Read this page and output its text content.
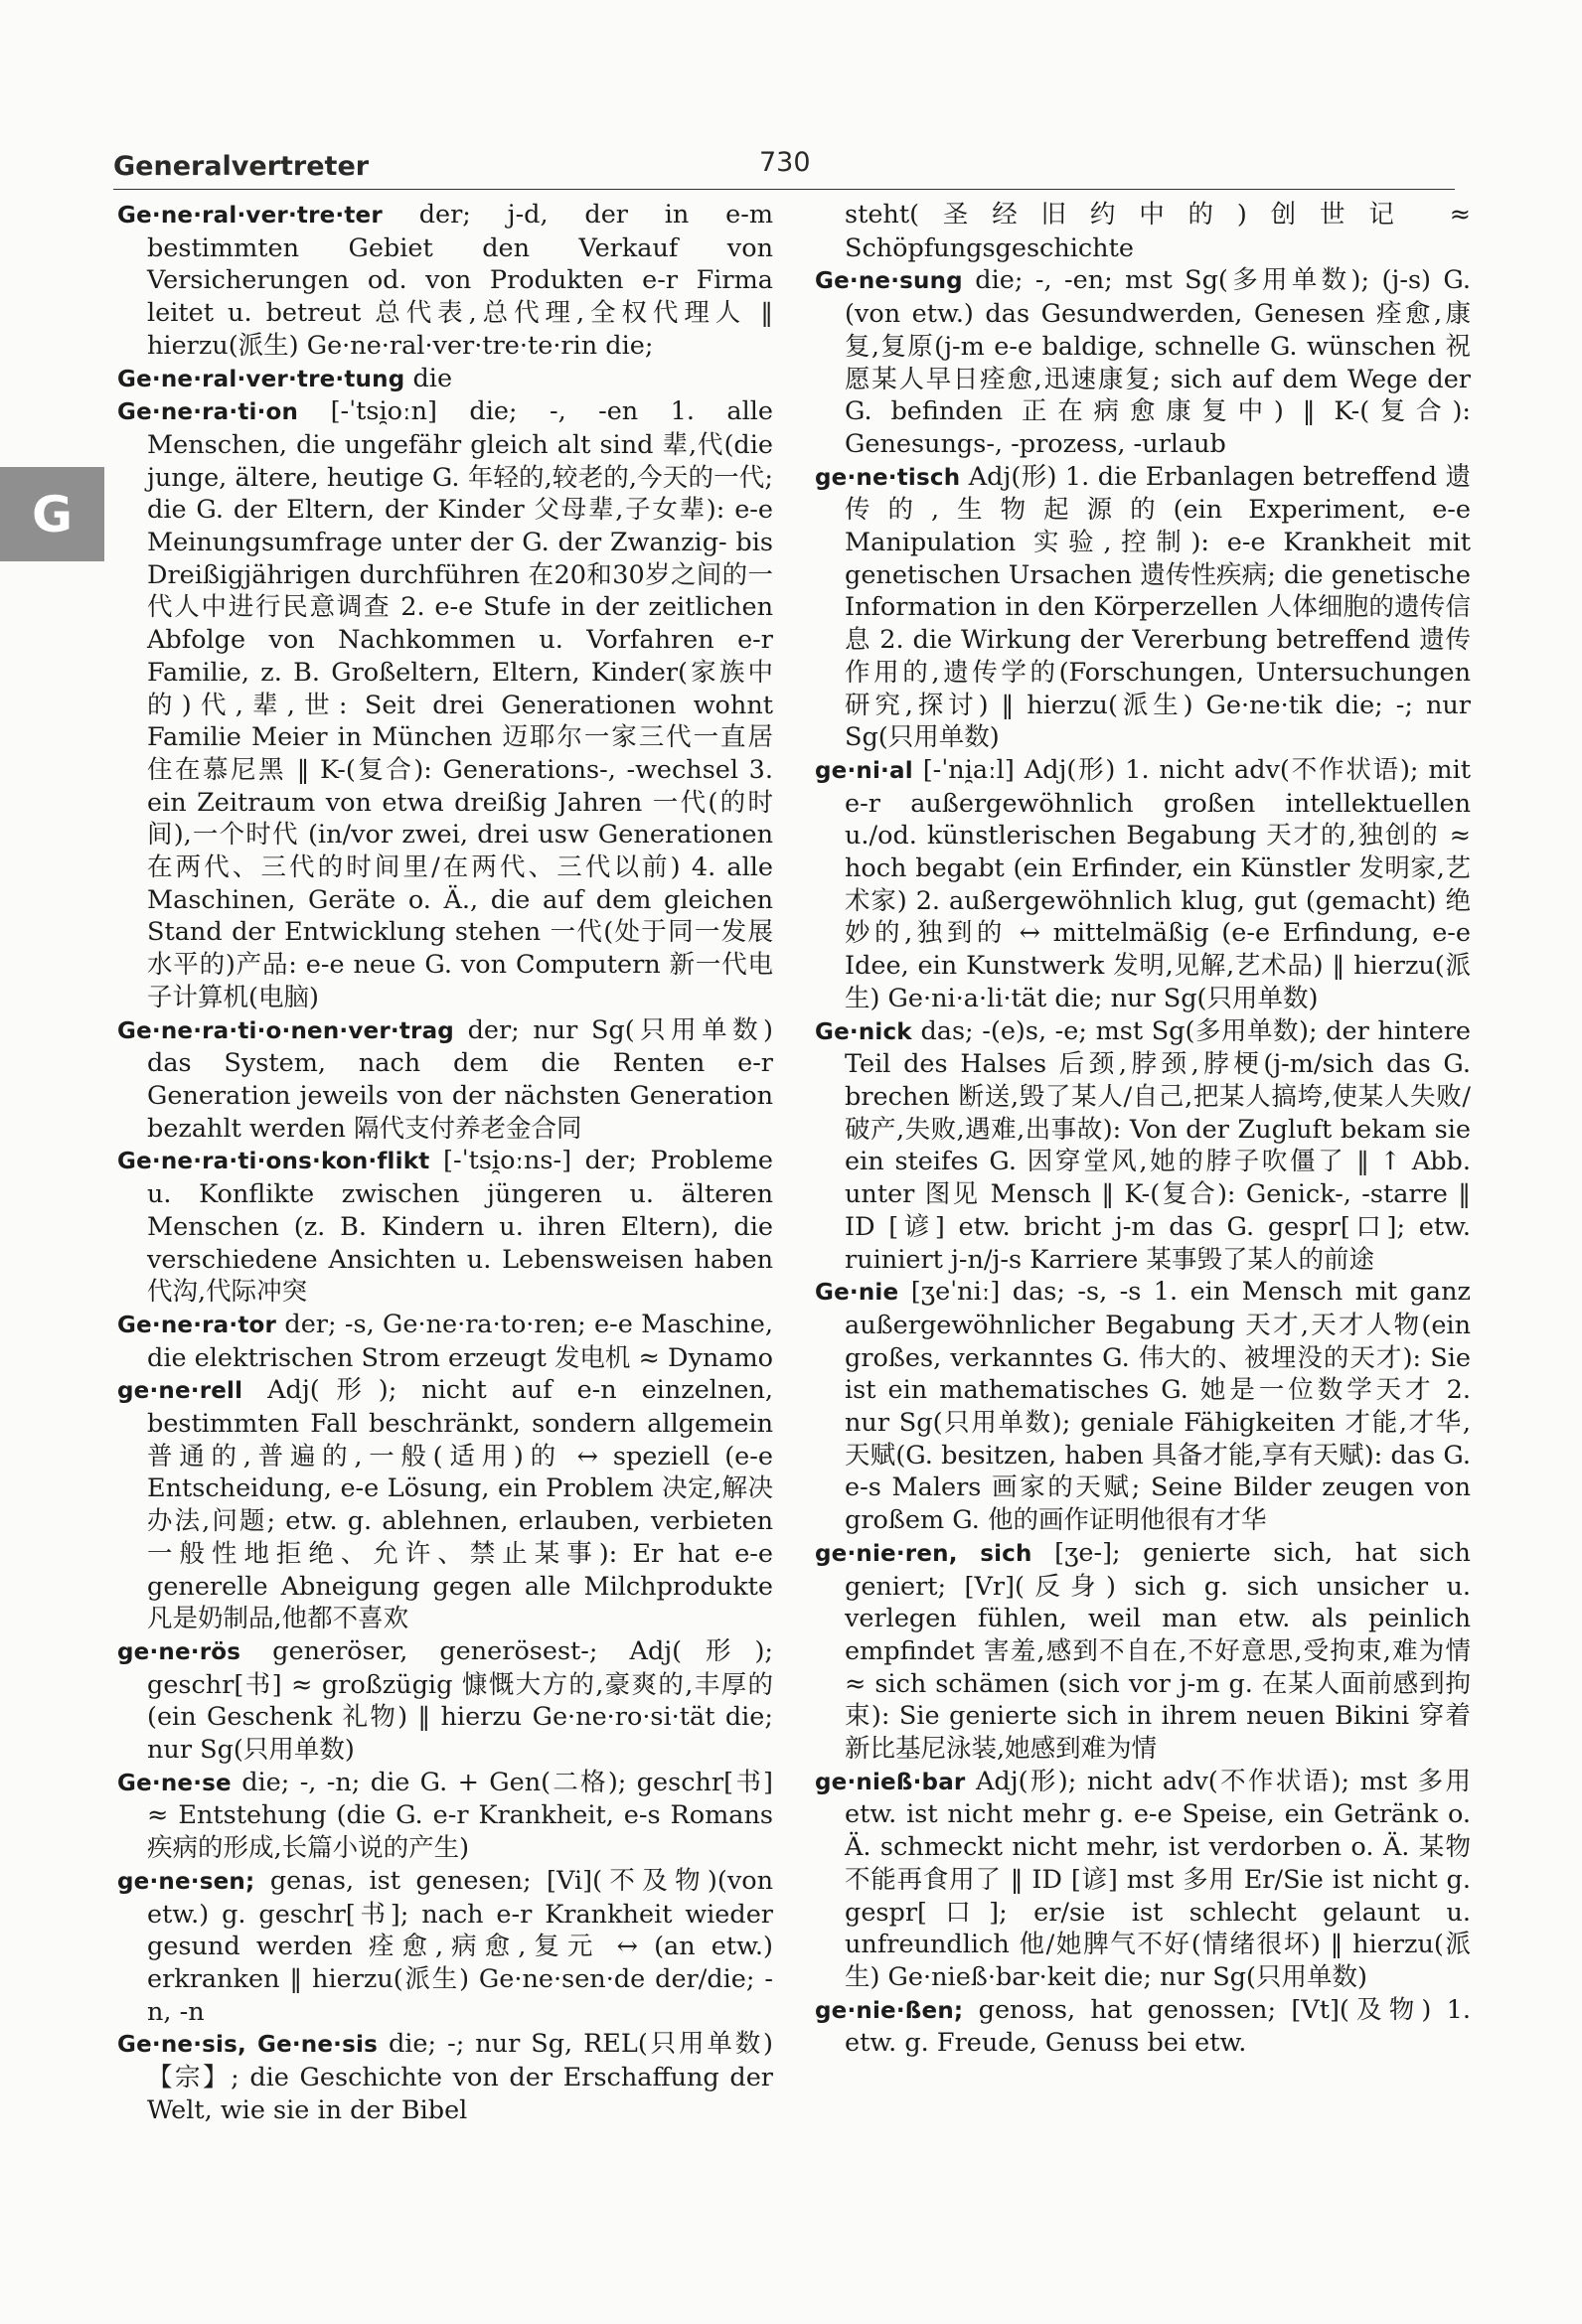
Generalvertreter	730
G

Ge·ne·ral·ver·tre·ter der; j-d, der in e-m bestimmten Gebiet den Verkauf von Versicherungen od. von Produkten e-r Firma leitet u. betreut 总代表,总代理,全权代理人 ‖ hierzu(派生) Ge·ne·ral·ver·tre·te·rin die;

Ge·ne·ral·ver·tre·tung die

Ge·ne·ra·ti·on [-ˈtsi̯oːn] die; -, -en 1. alle Menschen, die ungefähr gleich alt sind 辈,代(die junge, ältere, heutige G. 年轻的,较老的,今天的一代; die G. der Eltern, der Kinder 父母辈,子女辈): e-e Meinungsumfrage unter der G. der Zwanzig- bis Dreißigjährigen durchführen 在20和30岁之间的一代人中进行民意调查 2. e-e Stufe in der zeitlichen Abfolge von Nachkommen u. Vorfahren e-r Familie, z. B. Großeltern, Eltern, Kinder(家族中的)代,辈,世: Seit drei Generationen wohnt Familie Meier in München 迈耶尔一家三代一直居住在慕尼黑 ‖ K-(复合): Generations-, -wechsel 3. ein Zeitraum von etwa dreißig Jahren 一代(的时间),一个时代 (in/vor zwei, drei usw Generationen 在两代、三代的时间里/在两代、三代以前) 4. alle Maschinen, Geräte o. Ä., die auf dem gleichen Stand der Entwicklung stehen 一代(处于同一发展水平的)产品: e-e neue G. von Computern 新一代电子计算机(电脑)

Ge·ne·ra·ti·o·nen·ver·trag der; nur Sg(只用单数) das System, nach dem die Renten e-r Generation jeweils von der nächsten Generation bezahlt werden 隔代支付养老金合同

Ge·ne·ra·ti·ons·kon·flikt [-ˈtsi̯oːns-] der; Probleme u. Konflikte zwischen jüngeren u. älteren Menschen (z. B. Kindern u. ihren Eltern), die verschiedene Ansichten u. Lebensweisen haben 代沟,代际冲突

Ge·ne·ra·tor der; -s, Ge·ne·ra·to·ren; e-e Maschine, die elektrischen Strom erzeugt 发电机 ≈ Dynamo

ge·ne·rell Adj(形); nicht auf e-n einzelnen, bestimmten Fall beschränkt, sondern allgemein 普通的,普遍的,一般(适用)的 ↔ speziell (e-e Entscheidung, e-e Lösung, ein Problem 决定,解决办法,问题; etw. g. ablehnen, erlauben, verbieten 一般性地拒绝、允许、禁止某事): Er hat e-e generelle Abneigung gegen alle Milchprodukte 凡是奶制品,他都不喜欢

ge·ne·rös generöser, generösest-; Adj(形); geschr[书] ≈ großzügig 慷慨大方的,豪爽的,丰厚的(ein Geschenk 礼物) ‖ hierzu Ge·ne·ro·si·tät die; nur Sg(只用单数)

Ge·ne·se die; -, -n; die G. + Gen(二格); geschr[书] ≈ Entstehung (die G. e-r Krankheit, e-s Romans 疾病的形成,长篇小说的产生)

ge·ne·sen; genas, ist genesen; [Vi](不及物)(von etw.) g. geschr[书]; nach e-r Krankheit wieder gesund werden 痊愈,病愈,复元 ↔ (an etw.) erkranken ‖ hierzu(派生) Ge·ne·sen·de der/die; -n, -n

Ge·ne·sis, Ge·ne·sis die; -; nur Sg, REL(只用单数)【宗】; die Geschichte von der Erschaffung der Welt, wie sie in der Bibel

steht(圣经旧约中的)创世记 ≈ Schöpfungsgeschichte

Ge·ne·sung die; -, -en; mst Sg(多用单数); (j-s) G. (von etw.) das Gesundwerden, Genesen 痊愈,康复,复原(j-m e-e baldige, schnelle G. wünschen 祝愿某人早日痊愈,迅速康复; sich auf dem Wege der G. befinden 正在病愈康复中) ‖ K-(复合): Genesungs-, -prozess, -urlaub

ge·ne·tisch Adj(形) 1. die Erbanlagen betreffend 遗传的,生物起源的(ein Experiment, e-e Manipulation 实验,控制): e-e Krankheit mit genetischen Ursachen 遗传性疾病; die genetische Information in den Körperzellen 人体细胞的遗传信息 2. die Wirkung der Vererbung betreffend 遗传作用的,遗传学的(Forschungen, Untersuchungen 研究,探讨) ‖ hierzu(派生) Ge·ne·tik die; -; nur Sg(只用单数)

ge·ni·al [-ˈni̯aːl] Adj(形) 1. nicht adv(不作状语); mit e-r außergewöhnlich großen intellektuellen u./od. künstlerischen Begabung 天才的,独创的 ≈ hoch begabt (ein Erfinder, ein Künstler 发明家,艺术家) 2. außergewöhnlich klug, gut (gemacht) 绝妙的,独到的 ↔ mittelmäßig (e-e Erfindung, e-e Idee, ein Kunstwerk 发明,见解,艺术品) ‖ hierzu(派生) Ge·ni·a·li·tät die; nur Sg(只用单数)

Ge·nick das; -(e)s, -e; mst Sg(多用单数); der hintere Teil des Halses 后颈,脖颈,脖梗(j-m/sich das G. brechen 断送,毁了某人/自己,把某人搞垮,使某人失败/破产,失败,遇难,出事故): Von der Zugluft bekam sie ein steifes G. 因穿堂风,她的脖子吹僵了 ‖ ↑ Abb. unter 图见 Mensch ‖ K-(复合): Genick-, -starre ‖ ID [谚] etw. bricht j-m das G. gespr[口]; etw. ruiniert j-n/j-s Karriere 某事毁了某人的前途

Ge·nie [ʒeˈniː] das; -s, -s 1. ein Mensch mit ganz außergewöhnlicher Begabung 天才,天才人物(ein großes, verkanntes G. 伟大的、被埋没的天才): Sie ist ein mathematisches G. 她是一位数学天才 2. nur Sg(只用单数); geniale Fähigkeiten 才能,才华,天赋(G. besitzen, haben 具备才能,享有天赋): das G. e-s Malers 画家的天赋; Seine Bilder zeugen von großem G. 他的画作证明他很有才华

ge·nie·ren, sich [ʒe-]; genierte sich, hat sich geniert; [Vr](反身) sich g. sich unsicher u. verlegen fühlen, weil man etw. als peinlich empfindet 害羞,感到不自在,不好意思,受拘束,难为情 ≈ sich schämen (sich vor j-m g. 在某人面前感到拘束): Sie genierte sich in ihrem neuen Bikini 穿着新比基尼泳装,她感到难为情

ge·nieß·bar Adj(形); nicht adv(不作状语); mst 多用 etw. ist nicht mehr g. e-e Speise, ein Getränk o. Ä. schmeckt nicht mehr, ist verdorben o. Ä. 某物不能再食用了 ‖ ID [谚] mst 多用 Er/Sie ist nicht g. gespr[口]; er/sie ist schlecht gelaunt u. unfreundlich 他/她脾气不好(情绪很坏) ‖ hierzu(派生) Ge·nieß·bar·keit die; nur Sg(只用单数)

ge·nie·ßen; genoss, hat genossen; [Vt](及物) 1. etw. g. Freude, Genuss bei etw.
